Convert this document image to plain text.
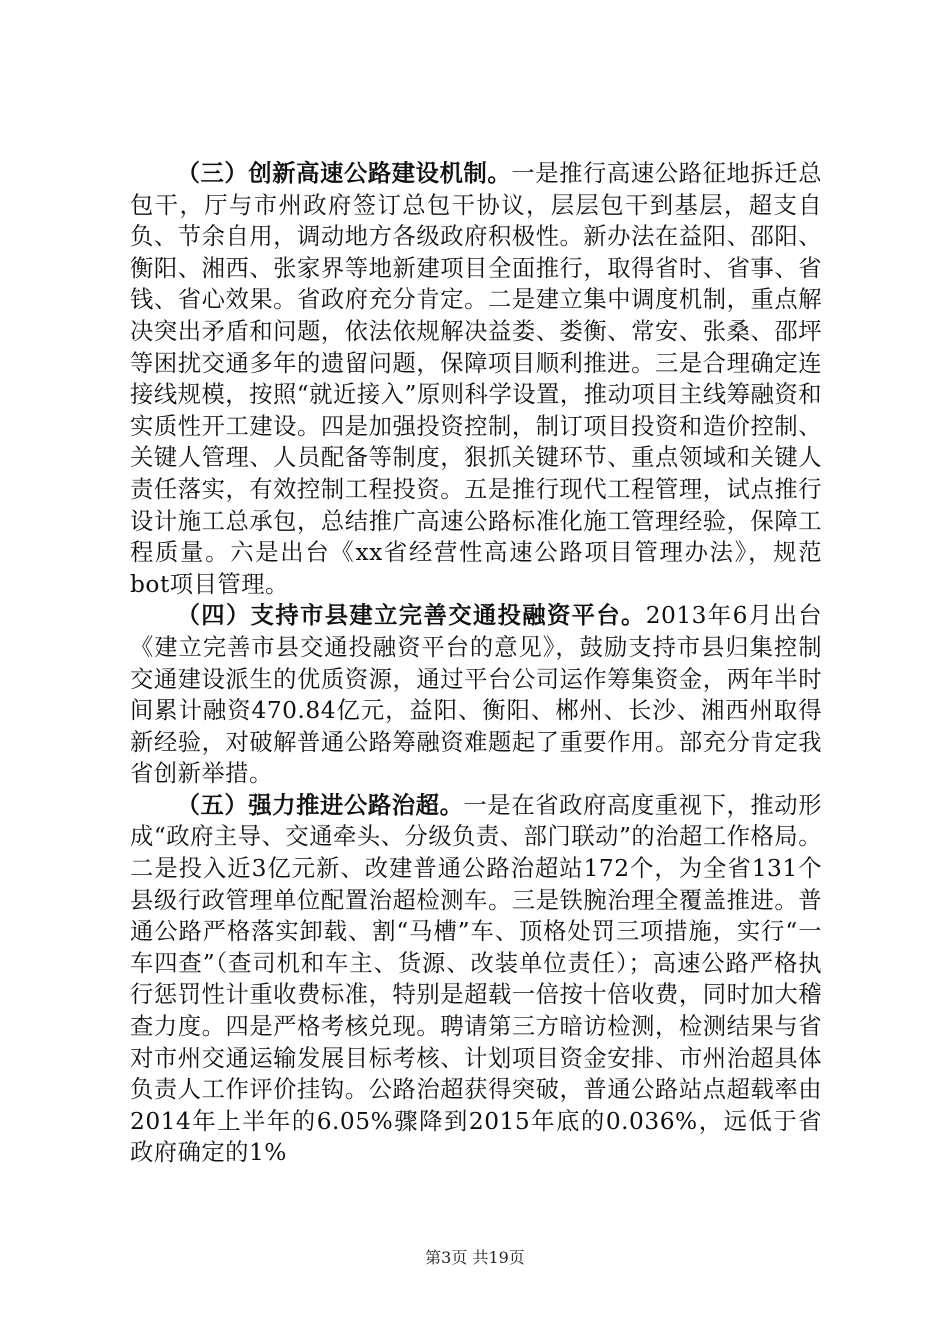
（三）创新高速公路建设机制。一是推行高速公路征地拆迁总包干，厅与市州政府签订总包干协议，层层包干到基层，超支自负、节余自用，调动地方各级政府积极性。新办法在益阳、邵阳、衡阳、湘西、张家界等地新建项目全面推行，取得省时、省事、省钱、省心效果。省政府充分肯定。二是建立集中调度机制，重点解决突出矛盾和问题，依法依规解决益娄、娄衡、常安、张桑、邵坪等困扰交通多年的遗留问题，保障项目顺利推进。三是合理确定连接线规模，按照“就近接入”原则科学设置，推动项目主线筹融资和实质性开工建设。四是加强投资控制，制订项目投资和造价控制、关键人管理、人员配备等制度，狠抓关键环节、重点领域和关键人责任落实，有效控制工程投资。五是推行现代工程管理，试点推行设计施工总承包，总结推广高速公路标准化施工管理经验，保障工程质量。六是出台《xx省经营性高速公路项目管理办法》，规范bot项目管理。

（四）支持市县建立完善交通投融资平台。2013年6月出台《建立完善市县交通投融资平台的意见》，鼓励支持市县归集控制交通建设派生的优质资源，通过平台公司运作筹集资金，两年半时间累计融资470.84亿元，益阳、衡阳、郴州、长沙、湘西州取得新经验，对破解普通公路筹融资难题起了重要作用。部充分肯定我省创新举措。

（五）强力推进公路治超。一是在省政府高度重视下，推动形成“政府主导、交通牵头、分级负责、部门联动”的治超工作格局。二是投入近3亿元新、改建普通公路治超站172个，为全省131个县级行政管理单位配置治超检测车。三是铁腕治理全覆盖推进。普通公路严格落实卸载、割“马槽”车、顶格处罚三项措施，实行“一车四查”（查司机和车主、货源、改装单位责任）；高速公路严格执行惩罚性计重收费标准，特别是超载一倍按十倍收费，同时加大稽查力度。四是严格考核兑现。聘请第三方暗访检测，检测结果与省对市州交通运输发展目标考核、计划项目资金安排、市州治超具体负责人工作评价挂钩。公路治超获得突破，普通公路站点超载率由2014年上半年的6.05%骤降到2015年底的0.036%，远低于省政府确定的1%

第3页 共19页
